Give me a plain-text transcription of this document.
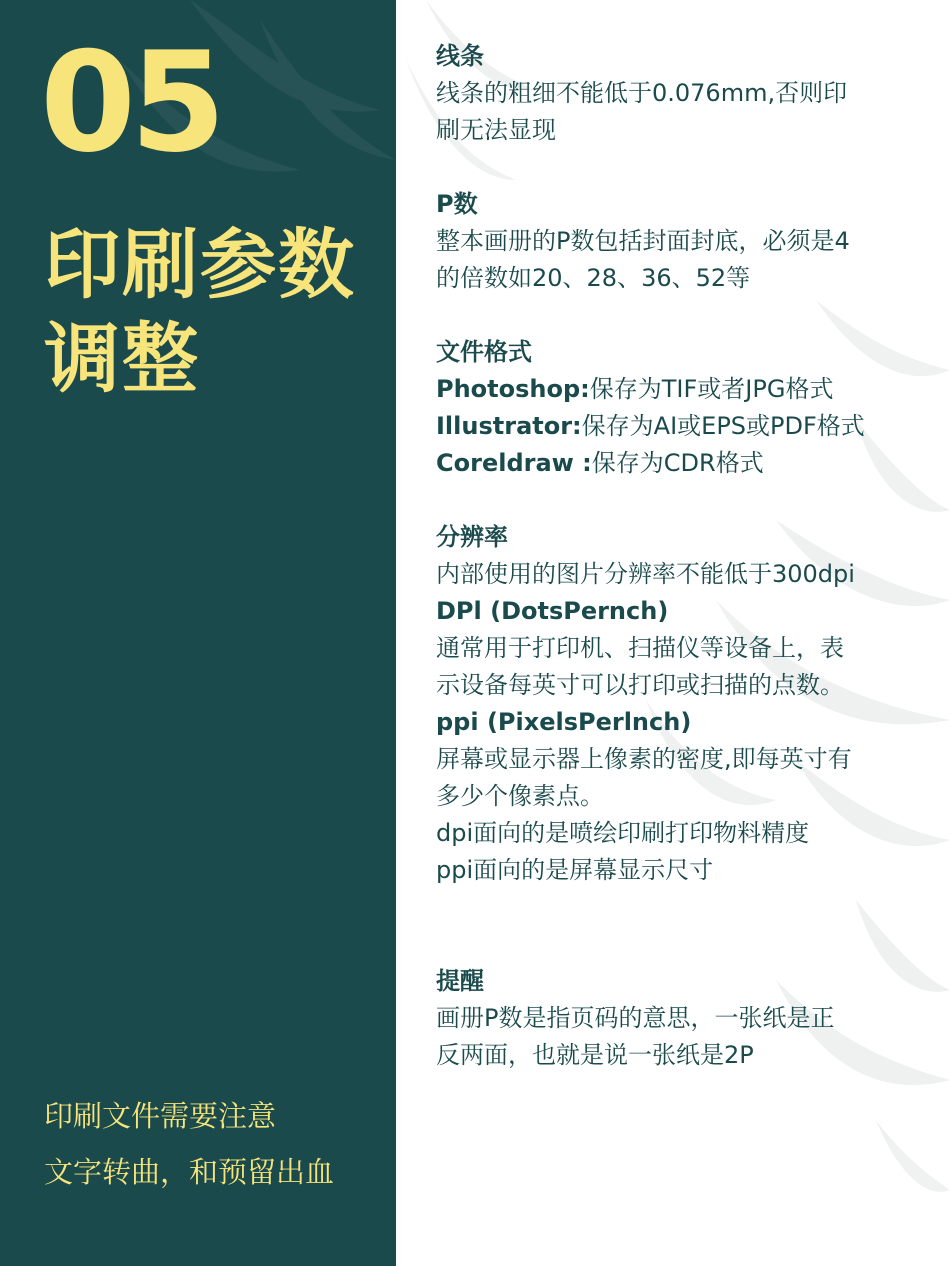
05
印刷参数
调整
印刷文件需要注意
文字转曲，和预留出血
线条
线条的粗细不能低于0.076mm,否则印
刷无法显现
P数
整本画册的P数包括封面封底，必须是4
的倍数如20、28、36、52等
文件格式
Photoshop:保存为TIF或者JPG格式
Illustrator:保存为AI或EPS或PDF格式
Coreldraw :保存为CDR格式
分辨率
内部使用的图片分辨率不能低于300dpi
DPl (DotsPernch)
通常用于打印机、扫描仪等设备上，表
示设备每英寸可以打印或扫描的点数。
ppi (PixelsPerlnch)
屏幕或显示器上像素的密度,即每英寸有
多少个像素点。
dpi面向的是喷绘印刷打印物料精度
ppi面向的是屏幕显示尺寸
提醒
画册P数是指页码的意思，一张纸是正
反两面，也就是说一张纸是2P
